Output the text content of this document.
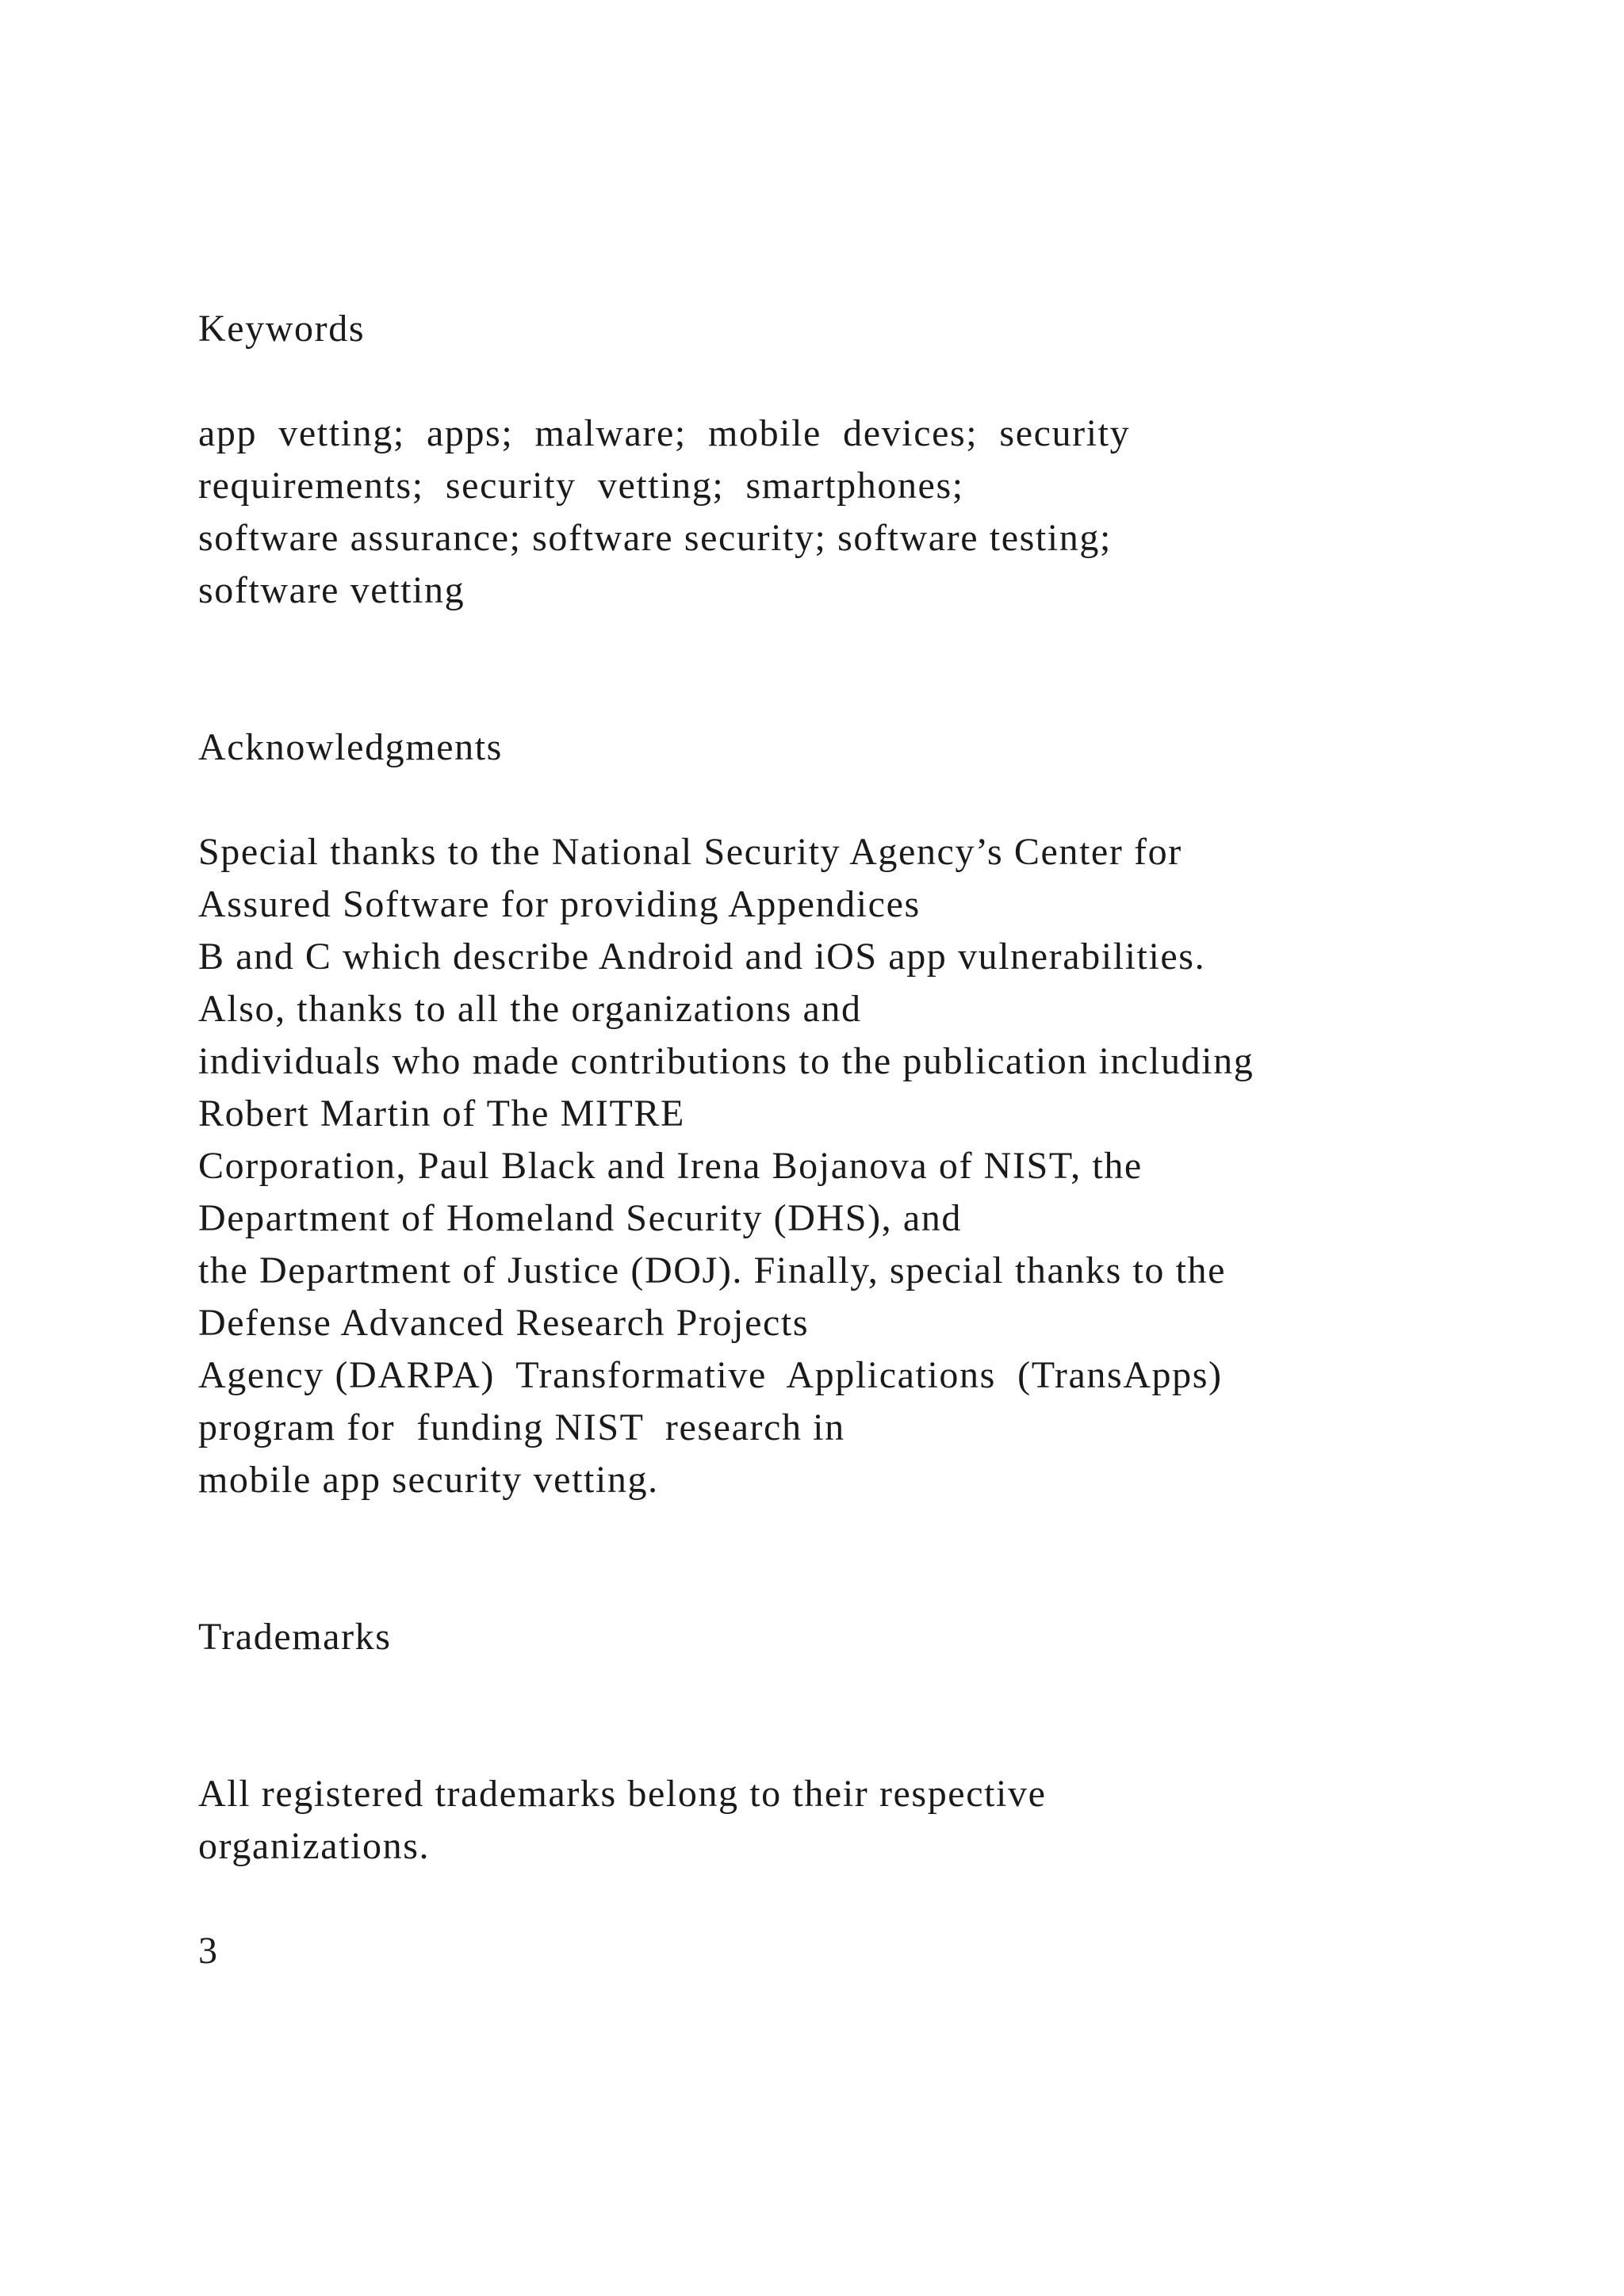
Keywords

app  vetting;  apps;  malware;  mobile  devices;  security

requirements;  security  vetting;  smartphones;

software assurance; software security; software testing;

software vetting

Acknowledgments

Special thanks to the National Security Agency’s Center for

Assured Software for providing Appendices

B and C which describe Android and iOS app vulnerabilities.

Also, thanks to all the organizations and

individuals who made contributions to the publication including

Robert Martin of The MITRE

Corporation, Paul Black and Irena Bojanova of NIST, the

Department of Homeland Security (DHS), and

the Department of Justice (DOJ). Finally, special thanks to the

Defense Advanced Research Projects

Agency (DARPA)  Transformative  Applications  (TransApps)

program for  funding NIST  research in

mobile app security vetting.

Trademarks

All registered trademarks belong to their respective

organizations.

3
